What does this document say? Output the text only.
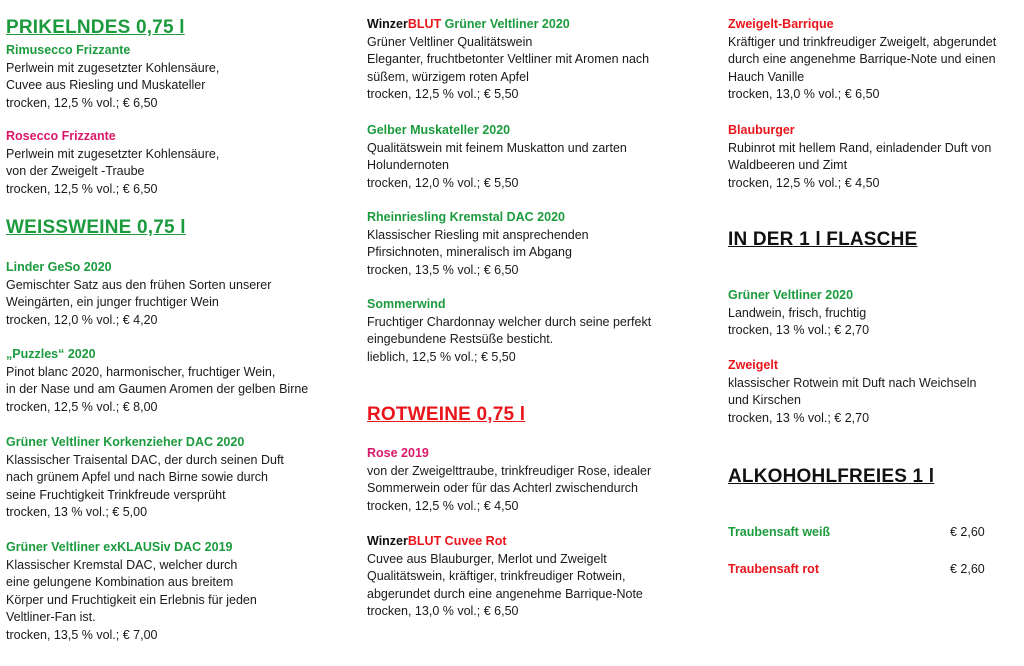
PRIKELNDES 0,75 l
Rimusecco Frizzante
Perlwein mit zugesetzter Kohlensäure,
Cuvee aus Riesling und Muskateller
trocken, 12,5 % vol.; € 6,50
Rosecco Frizzante
Perlwein mit zugesetzter Kohlensäure,
von der Zweigelt -Traube
trocken, 12,5 % vol.; € 6,50
WEISSWEINE 0,75 l
Linder GeSo 2020
Gemischter Satz aus den frühen Sorten unserer
Weingärten, ein junger fruchtiger Wein
trocken, 12,0 % vol.; € 4,20
„Puzzles“ 2020
Pinot blanc 2020, harmonischer, fruchtiger Wein,
in der Nase und am Gaumen Aromen der gelben Birne
trocken, 12,5 % vol.; € 8,00
Grüner Veltliner Korkenzieher DAC 2020
Klassischer Traisental DAC, der durch seinen Duft
nach grünem Apfel und nach Birne sowie durch
seine Fruchtigkeit Trinkfreude versprüht
trocken, 13 % vol.; € 5,00
Grüner Veltliner exKLAUSiv DAC 2019
Klassischer Kremstal DAC, welcher durch
eine gelungene Kombination aus breitem
Körper und Fruchtigkeit ein Erlebnis für jeden
Veltliner-Fan ist.
trocken, 13,5 % vol.; € 7,00
WinzerBLUT Grüner Veltliner 2020
Grüner Veltliner Qualitätswein
Eleganter, fruchtbetonter Veltliner mit Aromen nach
süßem, würzigem roten Apfel
trocken, 12,5 % vol.; € 5,50
Gelber Muskateller 2020
Qualitätswein mit feinem Muskatton und zarten
Holundernoten
trocken, 12,0 % vol.; € 5,50
Rheinriesling Kremstal DAC 2020
Klassischer Riesling mit ansprechenden
Pfirsichnoten, mineralisch im Abgang
trocken, 13,5 % vol.; € 6,50
Sommerwind
Fruchtiger Chardonnay welcher durch seine perfekt
eingebundene Restsüße besticht.
lieblich, 12,5 % vol.; € 5,50
ROTWEINE 0,75 l
Rose 2019
von der Zweigelttraube, trinkfreudiger Rose, idealer
Sommerwein oder für das Achterl zwischendurch
trocken, 12,5 % vol.; € 4,50
WinzerBLUT Cuvee Rot
Cuvee aus Blauburger, Merlot und Zweigelt
Qualitätswein, kräftiger, trinkfreudiger Rotwein,
abgerundet durch eine angenehme Barrique-Note
trocken, 13,0 % vol.; € 6,50
Zweigelt-Barrique
Kräftiger und trinkfreudiger Zweigelt, abgerundet
durch eine angenehme Barrique-Note und einen
Hauch Vanille
trocken, 13,0 % vol.; € 6,50
Blauburger
Rubinrot mit hellem Rand, einladender Duft von
Waldbeeren und Zimt
trocken, 12,5 % vol.; € 4,50
IN DER 1 l FLASCHE
Grüner Veltliner 2020
Landwein, frisch, fruchtig
trocken, 13 % vol.; € 2,70
Zweigelt
klassischer Rotwein mit Duft nach Weichseln
und Kirschen
trocken, 13 % vol.; € 2,70
ALKOHOHLFREIES 1 l
Traubensaft weiß	€ 2,60
Traubensaft rot	€ 2,60
